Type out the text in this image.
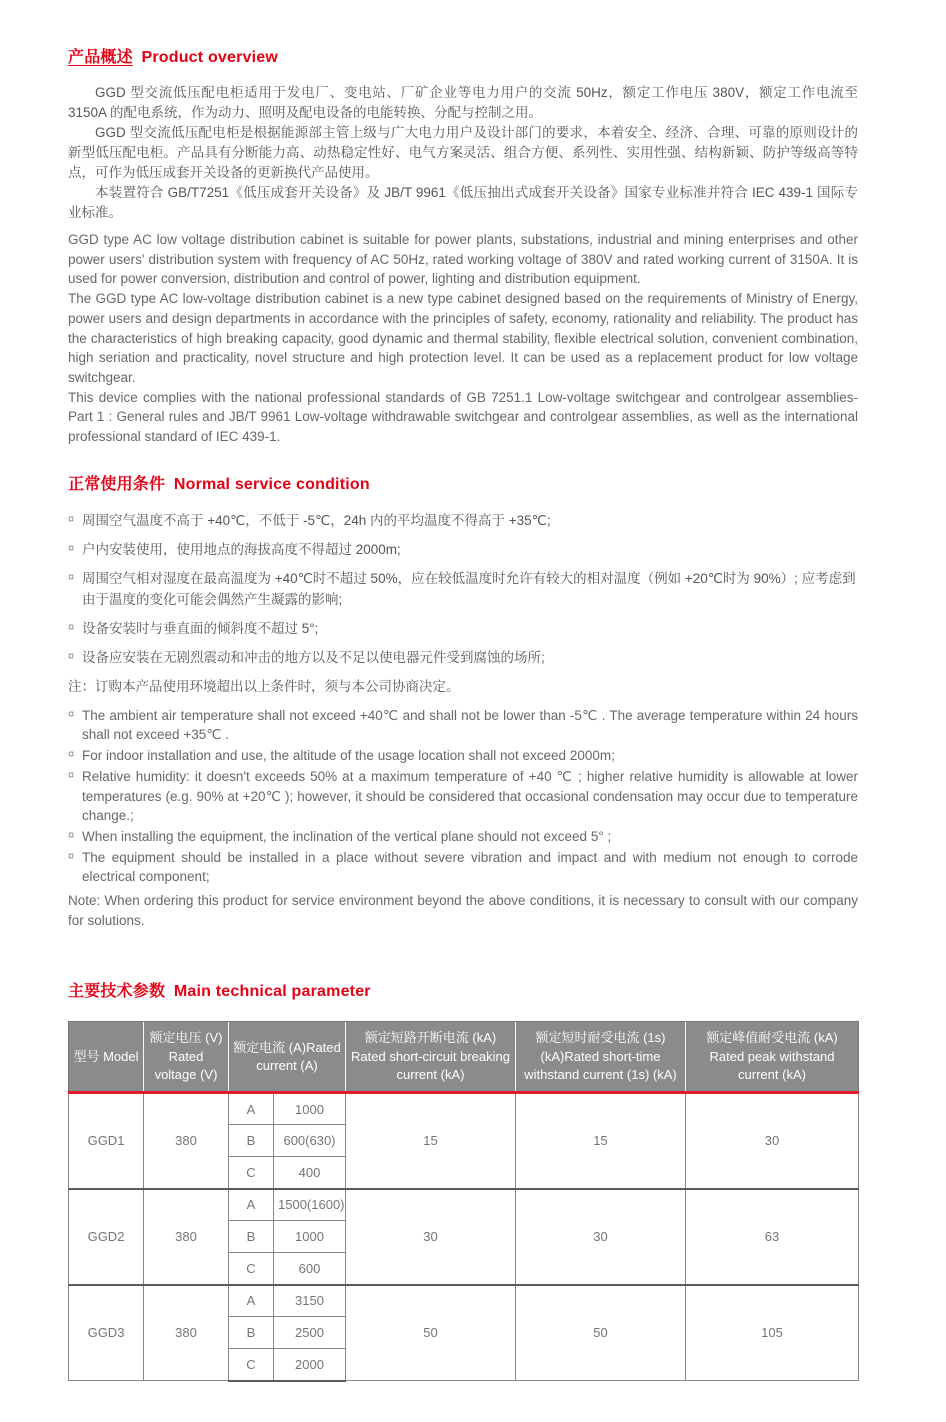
产品概述 Product overview

GGD 型交流低压配电柜适用于发电厂、变电站、厂矿企业等电力用户的交流 50Hz，额定工作电压 380V，额定工作电流至 3150A 的配电系统，作为动力、照明及配电设备的电能转换、分配与控制之用。

GGD 型交流低压配电柜是根据能源部主管上级与广大电力用户及设计部门的要求，本着安全、经济、合理、可靠的原则设计的新型低压配电柜。产品具有分断能力高、动热稳定性好、电气方案灵活、组合方便、系列性、实用性强、结构新颖、防护等级高等特点，可作为低压成套开关设备的更新换代产品使用。

本装置符合 GB/T7251《低压成套开关设备》及 JB/T 9961《低压抽出式成套开关设备》国家专业标准并符合 IEC 439-1 国际专业标准。

GGD type AC low voltage distribution cabinet is suitable for power plants, substations, industrial and mining enterprises and other power users' distribution system with frequency of AC 50Hz, rated working voltage of 380V and rated working current of 3150A. It is used for power conversion, distribution and control of power, lighting and distribution equipment.

The GGD type AC low-voltage distribution cabinet is a new type cabinet designed based on the requirements of Ministry of Energy, power users and design departments in accordance with the principles of safety, economy, rationality and reliability. The product has the characteristics of high breaking capacity, good dynamic and thermal stability, flexible electrical solution, convenient combination, high seriation and practicality, novel structure and high protection level. It can be used as a replacement product for low voltage switchgear.

This device complies with the national professional standards of GB 7251.1 Low-voltage switchgear and controlgear assemblies-Part 1 : General rules and JB/T 9961 Low-voltage withdrawable switchgear and controlgear assemblies, as well as the international professional standard of IEC 439-1.

正常使用条件 Normal service condition
¤ 周围空气温度不高于 +40℃，不低于 -5℃，24h 内的平均温度不得高于 +35℃;
¤ 户内安装使用，使用地点的海拔高度不得超过 2000m;
¤ 周围空气相对湿度在最高温度为 +40℃时不超过 50%，应在较低温度时允许有较大的相对温度（例如 +20℃时为 90%）; 应考虑到由于温度的变化可能会偶然产生凝露的影响;
¤ 设备安装时与垂直面的倾斜度不超过 5°;
¤ 设备应安装在无剧烈震动和冲击的地方以及不足以使电器元件受到腐蚀的场所;
注：订购本产品使用环境超出以上条件时，须与本公司协商决定。
¤ The ambient air temperature shall not exceed +40℃ and shall not be lower than -5℃ . The average temperature within 24 hours shall not exceed +35℃ .
¤ For indoor installation and use, the altitude of the usage location shall not exceed 2000m;
¤ Relative humidity: it doesn't exceeds 50% at a maximum temperature of +40 ℃ ; higher relative humidity is allowable at lower temperatures (e.g. 90% at +20℃ ); however, it should be considered that occasional condensation may occur due to temperature change.;
¤ When installing the equipment, the inclination of the vertical plane should not exceed 5° ;
¤ The equipment should be installed in a place without severe vibration and impact and with medium not enough to corrode electrical component;
Note: When ordering this product for service environment beyond the above conditions, it is necessary to consult with our company for solutions.
主要技术参数 Main technical parameter
型号 Model	额定电压 (V) Rated voltage (V)	额定电流 (A)Rated current (A)		额定短路开断电流 (kA) Rated short-circuit breaking current (kA)	额定短时耐受电流 (1s) (kA)Rated short-time withstand current (1s) (kA)	额定峰值耐受电流 (kA) Rated peak withstand current (kA)
GGD1	380	A	1000	15	15	30
		B	600(630)			
		C	400			
GGD2	380	A	1500(1600)	30	30	63
		B	1000			
		C	600			
GGD3	380	A	3150	50	50	105
		B	2500			
		C	2000			
